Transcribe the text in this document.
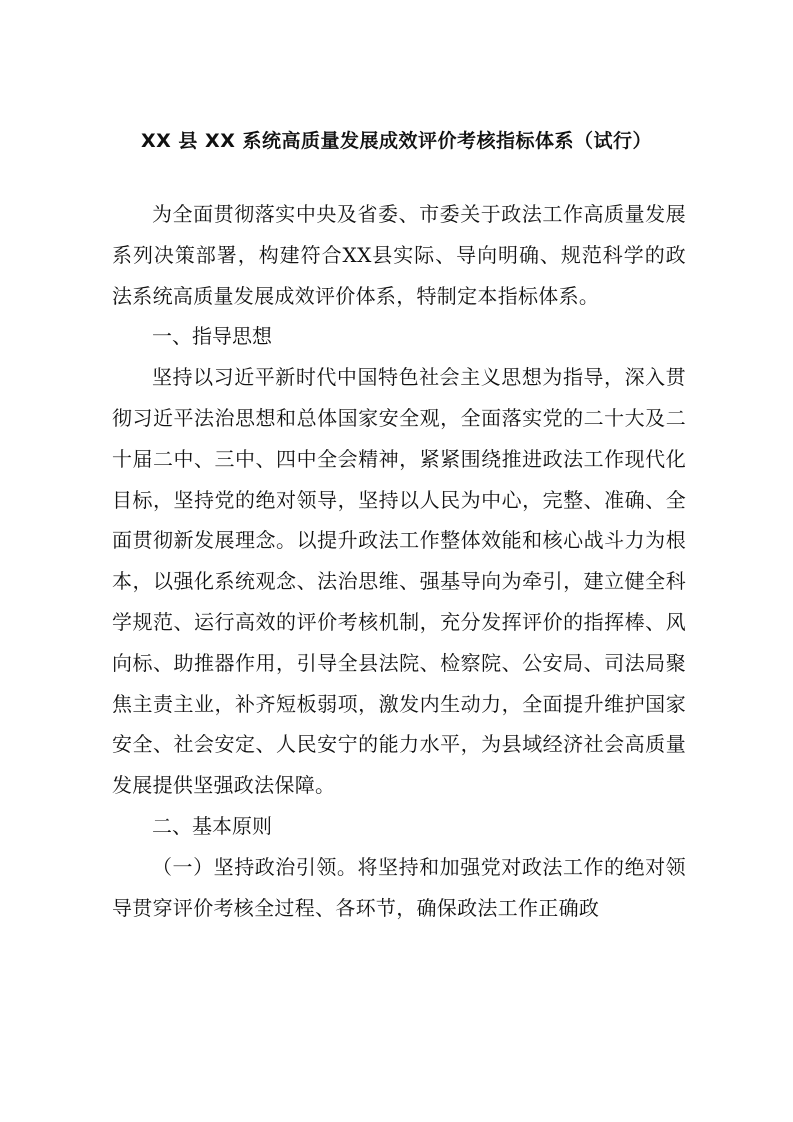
XX 县 XX 系统高质量发展成效评价考核指标体系（试行）

为全面贯彻落实中央及省委、市委关于政法工作高质量发展系列决策部署，构建符合XX县实际、导向明确、规范科学的政法系统高质量发展成效评价体系，特制定本指标体系。

一、指导思想

坚持以习近平新时代中国特色社会主义思想为指导，深入贯彻习近平法治思想和总体国家安全观，全面落实党的二十大及二十届二中、三中、四中全会精神，紧紧围绕推进政法工作现代化目标，坚持党的绝对领导，坚持以人民为中心，完整、准确、全面贯彻新发展理念。以提升政法工作整体效能和核心战斗力为根本，以强化系统观念、法治思维、强基导向为牵引，建立健全科学规范、运行高效的评价考核机制，充分发挥评价的指挥棒、风向标、助推器作用，引导全县法院、检察院、公安局、司法局聚焦主责主业，补齐短板弱项，激发内生动力，全面提升维护国家安全、社会安定、人民安宁的能力水平，为县域经济社会高质量发展提供坚强政法保障。

二、基本原则

（一）坚持政治引领。将坚持和加强党对政法工作的绝对领导贯穿评价考核全过程、各环节，确保政法工作正确政
